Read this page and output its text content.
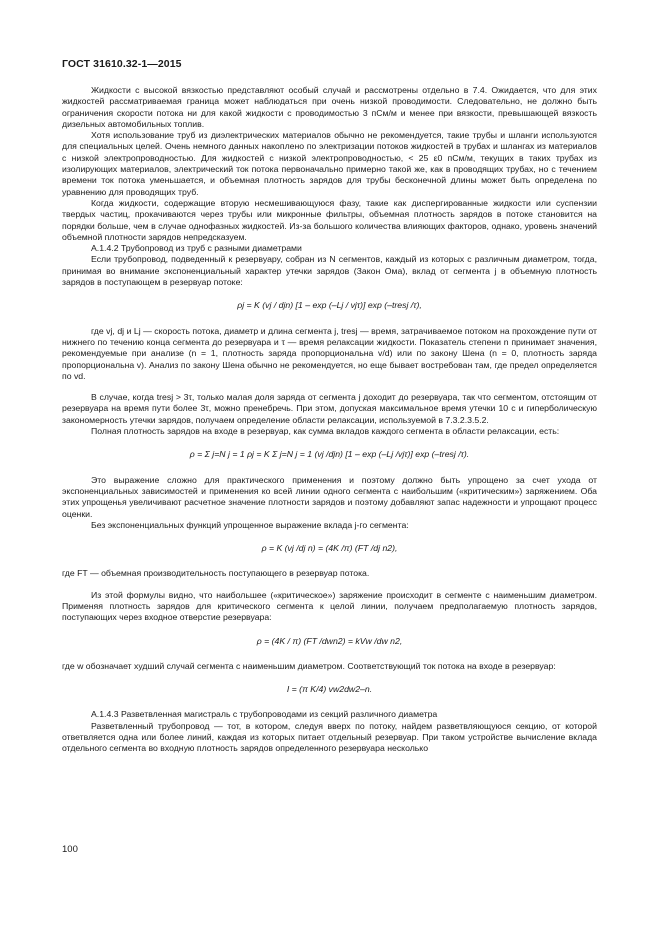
ГОСТ 31610.32-1—2015

Жидкости с высокой вязкостью представляют особый случай и рассмотрены отдельно в 7.4. Ожидается, что для этих жидкостей рассматриваемая граница может наблюдаться при очень низкой проводимости. Следовательно, не должно быть ограничения скорости потока ни для какой жидкости с проводимостью 3 пСм/м и менее при вязкости, превышающей вязкость дизельных автомобильных топлив.

Хотя использование труб из диэлектрических материалов обычно не рекомендуется, такие трубы и шланги используются для специальных целей. Очень немного данных накоплено по электризации потоков жидкостей в трубах и шлангах из материалов с низкой электропроводностью. Для жидкостей с низкой электропроводностью, < 25 ε0 пСм/м, текущих в таких трубах из изолирующих материалов, электрический ток потока первоначально примерно такой же, как в проводящих трубах, но с течением времени ток потока уменьшается, и объемная плотность зарядов для трубы бесконечной длины может быть определена по уравнению для проводящих труб.

Когда жидкости, содержащие вторую несмешивающуюся фазу, такие как диспергированные жидкости или суспензии твердых частиц, прокачиваются через трубы или микронные фильтры, объемная плотность зарядов в потоке становится на порядки больше, чем в случае однофазных жидкостей. Из-за большого количества влияющих факторов, однако, уровень значений объемной плотности зарядов непредсказуем.

А.1.4.2 Трубопровод из труб с разными диаметрами

Если трубопровод, подведенный к резервуару, собран из N сегментов, каждый из которых с различным диаметром, тогда, принимая во внимание экспоненциальный характер утечки зарядов (Закон Ома), вклад от сегмента j в объемную плотность зарядов в поступающем в резервуар потоке:

ρj = K (vj / djn) [1 – exp (–Lj / vjτ)] exp (–tresj /τ),

где vj, dj и Lj — скорость потока, диаметр и длина сегмента j, tresj — время, затрачиваемое потоком на прохождение пути от нижнего по течению конца сегмента до резервуара и τ — время релаксации жидкости. Показатель степени n принимает значения, рекомендуемые при анализе (n = 1, плотность заряда пропорциональна v/d) или по закону Шена (n = 0, плотность заряда пропорциональна v). Анализ по закону Шена обычно не рекомендуется, но еще бывает востребован там, где предел определяется по vd.

В случае, когда tresj > 3τ, только малая доля заряда от сегмента j доходит до резервуара, так что сегментом, отстоящим от резервуара на время пути более 3τ, можно пренебречь. При этом, допуская максимальное время утечки 10 с и гиперболическую закономерность утечки зарядов, получаем определение области релаксации, используемой в 7.3.2.3.5.2.

Полная плотность зарядов на входе в резервуар, как сумма вкладов каждого сегмента в области релаксации, есть:

ρ = Σ j=N j = 1 ρj = K Σ j=N j = 1 (vj /djn) [1 – exp (–Lj /vjτ)] exp (–tresj /τ).

Это выражение сложно для практического применения и поэтому должно быть упрощено за счет ухода от экспоненциальных зависимостей и применения ко всей линии одного сегмента с наибольшим («критическим») заряжением. Оба этих упрощенья увеличивают расчетное значение плотности зарядов и поэтому добавляют запас надежности и упрощают процесс оценки.

Без экспоненциальных функций упрощенное выражение вклада j-го сегмента:

ρ = K (vj /dj n) = (4K /π) (FT /dj n2),

где FT — объемная производительность поступающего в резервуар потока.

Из этой формулы видно, что наибольшее («критическое») заряжение происходит в сегменте с наименьшим диаметром. Применяя плотность зарядов для критического сегмента к целой линии, получаем предполагаемую плотность зарядов, поступающих через входное отверстие резервуара:

ρ = (4K / π) (FT /dwn2) = kVw /dw n2,

где w обозначает худший случай сегмента с наименьшим диаметром. Соответствующий ток потока на входе в резервуар:

I = (π K/4) vw2dw2–n.

А.1.4.3 Разветвленная магистраль с трубопроводами из секций различного диаметра

Разветвленный трубопровод — тот, в котором, следуя вверх по потоку, найдем разветвляющуюся секцию, от которой ответвляется одна или более линий, каждая из которых питает отдельный резервуар. При таком устройстве вычисление вклада отдельного сегмента во входную плотность зарядов определенного резервуара несколько

100
